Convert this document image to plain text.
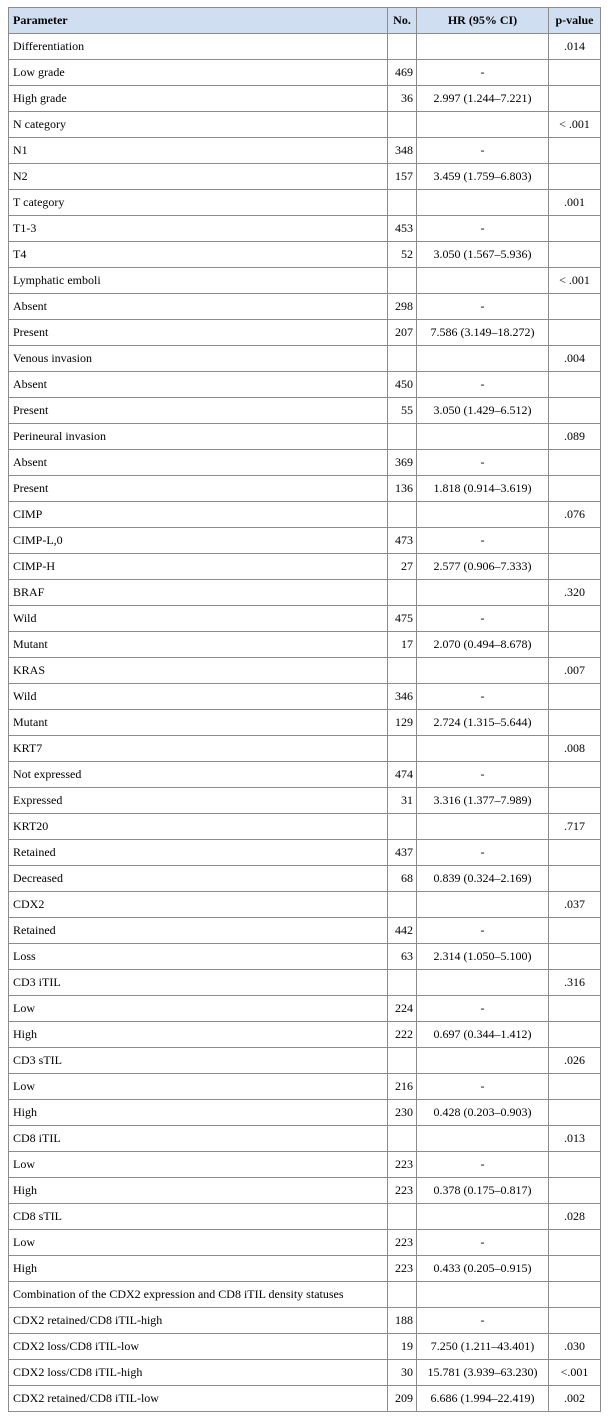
Parameter	No.	HR (95% CI)	p-value
Differentiation			.014
Low grade	469	-	
High grade	36	2.997 (1.244–7.221)	
N category			< .001
N1	348	-	
N2	157	3.459 (1.759–6.803)	
T category			.001
T1-3	453	-	
T4	52	3.050 (1.567–5.936)	
Lymphatic emboli			< .001
Absent	298	-	
Present	207	7.586 (3.149–18.272)	
Venous invasion			.004
Absent	450	-	
Present	55	3.050 (1.429–6.512)	
Perineural invasion			.089
Absent	369	-	
Present	136	1.818 (0.914–3.619)	
CIMP			.076
CIMP-L,0	473	-	
CIMP-H	27	2.577 (0.906–7.333)	
BRAF			.320
Wild	475	-	
Mutant	17	2.070 (0.494–8.678)	
KRAS			.007
Wild	346	-	
Mutant	129	2.724 (1.315–5.644)	
KRT7			.008
Not expressed	474	-	
Expressed	31	3.316 (1.377–7.989)	
KRT20			.717
Retained	437	-	
Decreased	68	0.839 (0.324–2.169)	
CDX2			.037
Retained	442	-	
Loss	63	2.314 (1.050–5.100)	
CD3 iTIL			.316
Low	224	-	
High	222	0.697 (0.344–1.412)	
CD3 sTIL			.026
Low	216	-	
High	230	0.428 (0.203–0.903)	
CD8 iTIL			.013
Low	223	-	
High	223	0.378 (0.175–0.817)	
CD8 sTIL			.028
Low	223	-	
High	223	0.433 (0.205–0.915)	
Combination of the CDX2 expression and CD8 iTIL density statuses			
CDX2 retained/CD8 iTIL-high	188	-	
CDX2 loss/CD8 iTIL-low	19	7.250 (1.211–43.401)	.030
CDX2 loss/CD8 iTIL-high	30	15.781 (3.939–63.230)	<.001
CDX2 retained/CD8 iTIL-low	209	6.686 (1.994–22.419)	.002
